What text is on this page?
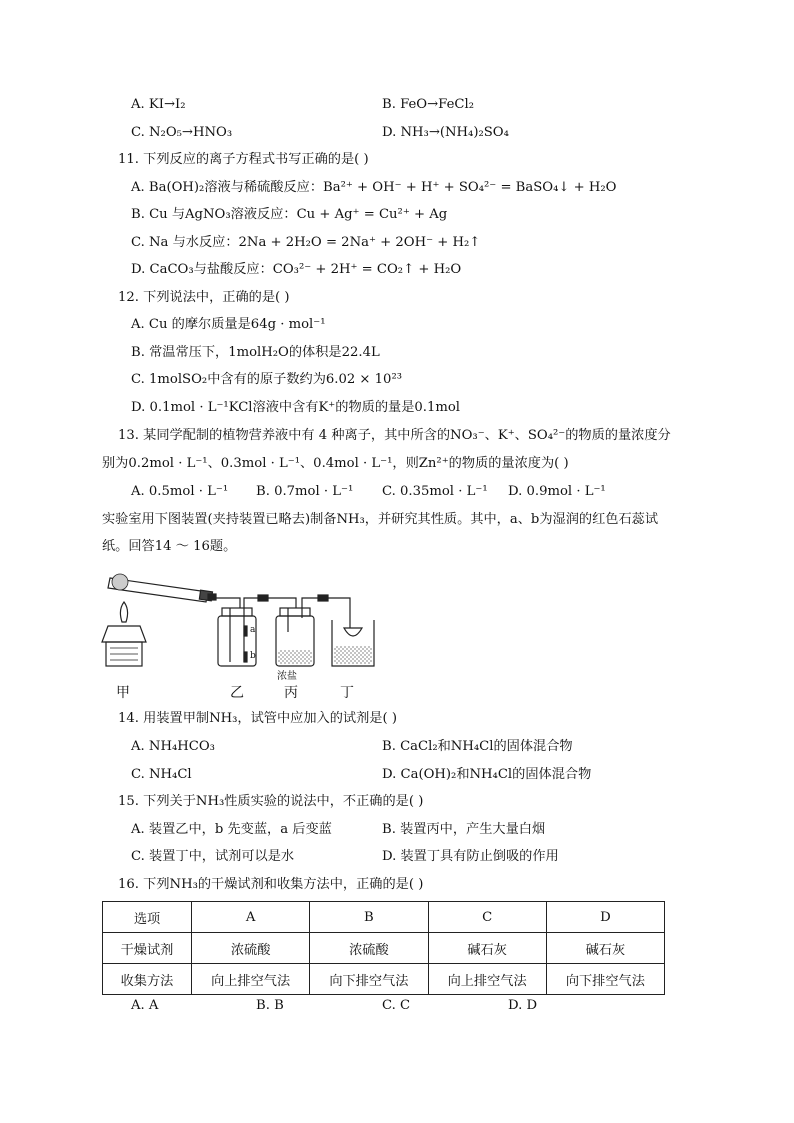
A. KI→I₂	B. FeO→FeCl₂
C. N₂O₅→HNO₃	D. NH₃→(NH₄)₂SO₄
11. 下列反应的离子方程式书写正确的是( )
A. Ba(OH)₂溶液与稀硫酸反应：Ba²⁺ + OH⁻ + H⁺ + SO₄²⁻ = BaSO₄↓ + H₂O
B. Cu 与AgNO₃溶液反应：Cu + Ag⁺ = Cu²⁺ + Ag
C. Na 与水反应：2Na + 2H₂O = 2Na⁺ + 2OH⁻ + H₂↑
D. CaCO₃与盐酸反应：CO₃²⁻ + 2H⁺ = CO₂↑ + H₂O
12. 下列说法中，正确的是( )
A. Cu 的摩尔质量是64g · mol⁻¹
B. 常温常压下，1molH₂O的体积是22.4L
C. 1molSO₂中含有的原子数约为6.02 × 10²³
D. 0.1mol · L⁻¹KCl溶液中含有K⁺的物质的量是0.1mol
13. 某同学配制的植物营养液中有 4 种离子，其中所含的NO₃⁻、K⁺、SO₄²⁻的物质的量浓度分
别为0.2mol · L⁻¹、0.3mol · L⁻¹、0.4mol · L⁻¹，则Zn²⁺的物质的量浓度为( )
A. 0.5mol · L⁻¹ B. 0.7mol · L⁻¹ C. 0.35mol · L⁻¹ D. 0.9mol · L⁻¹
实验室用下图装置(夹持装置已略去)制备NH₃，并研究其性质。其中，a、b为湿润的红色石蕊试
纸。回答14 ～ 16题。
a
b
浓盐
甲	乙	丙	丁
14. 用装置甲制NH₃，试管中应加入的试剂是( )
A. NH₄HCO₃	B. CaCl₂和NH₄Cl的固体混合物
C. NH₄Cl	D. Ca(OH)₂和NH₄Cl的固体混合物
15. 下列关于NH₃性质实验的说法中，不正确的是( )
A. 装置乙中，b 先变蓝，a 后变蓝	B. 装置丙中，产生大量白烟
C. 装置丁中，试剂可以是水	D. 装置丁具有防止倒吸的作用
16. 下列NH₃的干燥试剂和收集方法中，正确的是( )
选项	A	B	C	D
干燥试剂	浓硫酸	浓硫酸	碱石灰	碱石灰
收集方法	向上排空气法	向下排空气法	向上排空气法	向下排空气法
A. A	B. B	C. C	D. D
